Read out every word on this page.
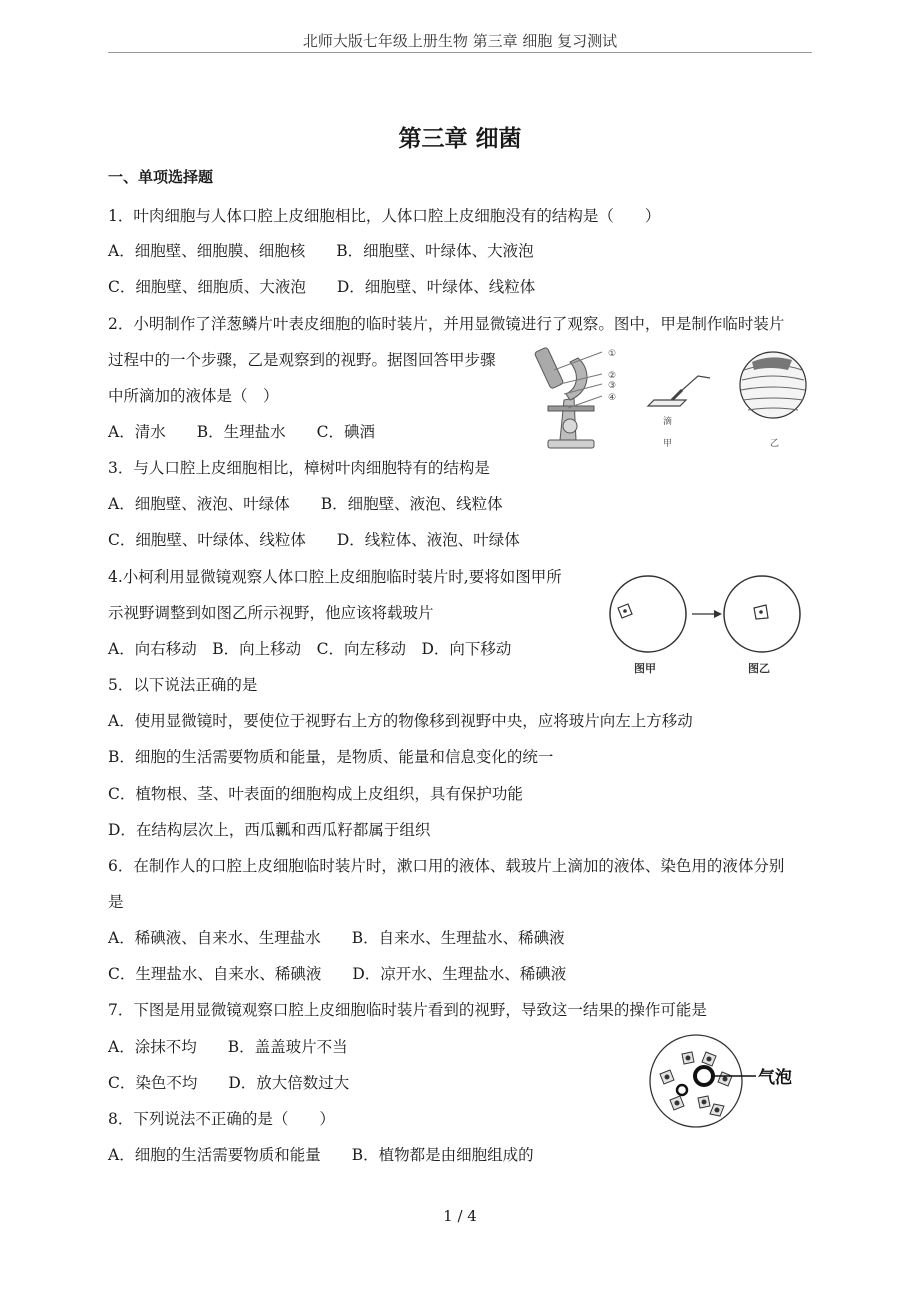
北师大版七年级上册生物 第三章 细胞 复习测试
第三章 细菌
一、单项选择题
1．叶肉细胞与人体口腔上皮细胞相比，人体口腔上皮细胞没有的结构是（　　）
A．细胞壁、细胞膜、细胞核　　B．细胞壁、叶绿体、大液泡
C．细胞壁、细胞质、大液泡　　D．细胞壁、叶绿体、线粒体
2．小明制作了洋葱鳞片叶表皮细胞的临时装片，并用显微镜进行了观察。图中，甲是制作临时装片
过程中的一个步骤，乙是观察到的视野。据图回答甲步骤
中所滴加的液体是（　）
A．清水　　B．生理盐水　　C．碘酒
3．与人口腔上皮细胞相比，樟树叶肉细胞特有的结构是
A．细胞壁、液泡、叶绿体　　B．细胞壁、液泡、线粒体
C．细胞壁、叶绿体、线粒体　　D．线粒体、液泡、叶绿体
4.小柯利用显微镜观察人体口腔上皮细胞临时装片时,要将如图甲所
示视野调整到如图乙所示视野，他应该将载玻片
A．向右移动　B．向上移动　C．向左移动　D．向下移动
5．以下说法正确的是
A．使用显微镜时，要使位于视野右上方的物像移到视野中央，应将玻片向左上方移动
B．细胞的生活需要物质和能量，是物质、能量和信息变化的统一
C．植物根、茎、叶表面的细胞构成上皮组织，具有保护功能
D．在结构层次上，西瓜瓤和西瓜籽都属于组织
6．在制作人的口腔上皮细胞临时装片时，漱口用的液体、载玻片上滴加的液体、染色用的液体分别
是
A．稀碘液、自来水、生理盐水　　B．自来水、生理盐水、稀碘液
C．生理盐水、自来水、稀碘液　　D．凉开水、生理盐水、稀碘液
7．下图是用显微镜观察口腔上皮细胞临时装片看到的视野，导致这一结果的操作可能是
A．涂抹不均　　B．盖盖玻片不当
C．染色不均　　D．放大倍数过大
8．下列说法不正确的是（　　）
A．细胞的生活需要物质和能量　　B．植物都是由细胞组成的
①
②
③
④
滴
甲	乙
图甲	图乙
气泡
1 / 4
